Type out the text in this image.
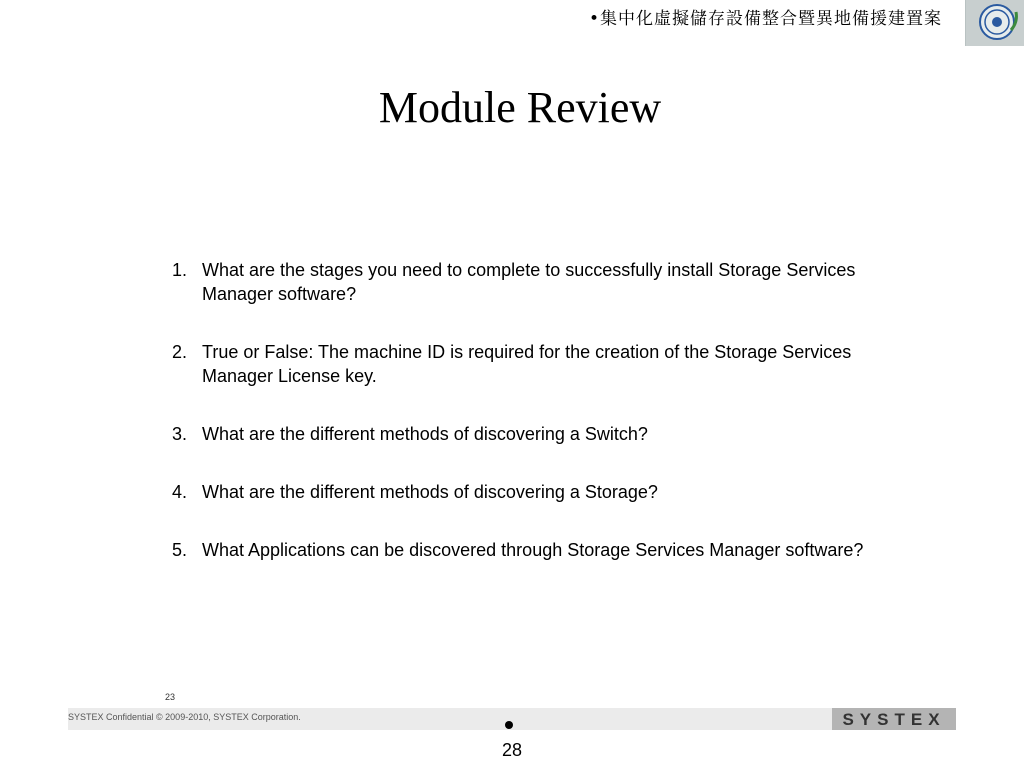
•集中化虛擬儲存設備整合暨異地備援建置案
Module Review
1. What are the stages you need to complete to successfully install Storage Services Manager software?
2. True or False: The machine ID is required for the creation of the Storage Services Manager License key.
3. What are the different methods of discovering a Switch?
4. What are the different methods of discovering a Storage?
5. What Applications can be discovered through Storage Services Manager software?
23
SYSTEX Confidential © 2009-2010, SYSTEX Corporation.	SYSTEX
28
